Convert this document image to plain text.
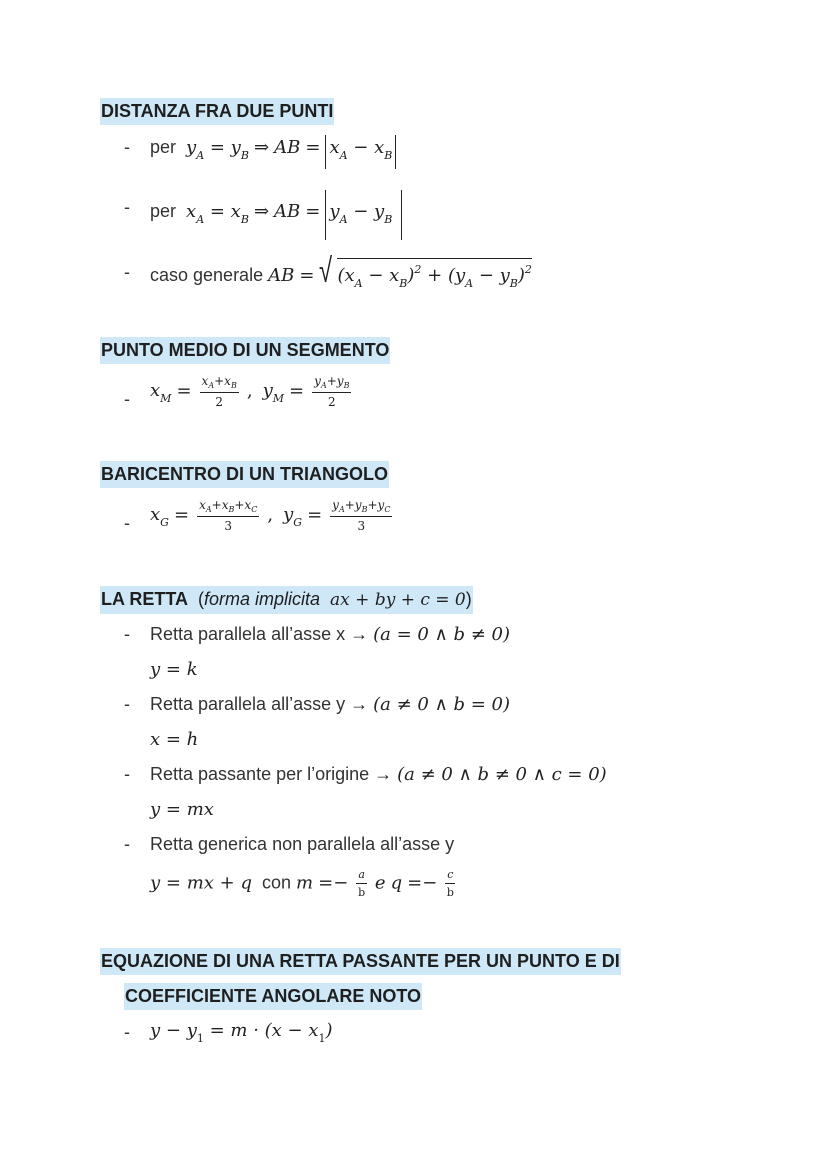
DISTANZA FRA DUE PUNTI
- per $y_A = y_B$ ⇒ AB = $x_A - x_B$
- per $x_A = x_B$ ⇒ AB = $y_A - y_B$
- caso generale AB = √ $(x_A - x_B)^2 + (y_A - y_B)^2$
PUNTO MEDIO DI UN SEGMENTO
- $x_M = \frac{x_A+x_B}{2}$ , $y_M = \frac{y_A+y_B}{2}$
BARICENTRO DI UN TRIANGOLO
- $x_G = \frac{x_A+x_B+x_C}{3}$ , $y_G = \frac{y_A+y_B+y_C}{3}$
LA RETTA  (forma implicita ax + by + c = 0)
- Retta parallela all’asse x → (a = 0 ∧ b ≠ 0)
y = k
- Retta parallela all’asse y → (a ≠ 0 ∧ b = 0)
x = h
- Retta passante per l’origine → (a ≠ 0 ∧ b ≠ 0 ∧ c = 0)
y = mx
- Retta generica non parallela all’asse y
y = mx + q con $m =- \frac{a}{b}$ e $q =- \frac{c}{b}$
EQUAZIONE DI UNA RETTA PASSANTE PER UN PUNTO E DI
COEFFICIENTE ANGOLARE NOTO
- $y - y_1 = m \cdot (x - x_1)$
